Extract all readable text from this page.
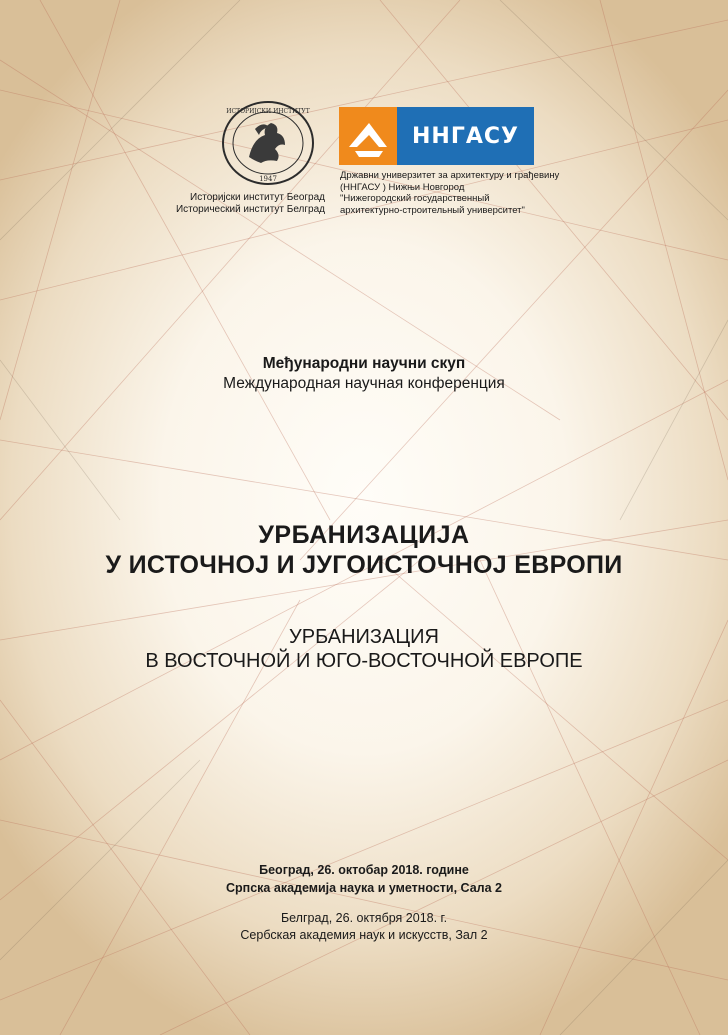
1947
ИСТОРИЈСКИ ИНСТИТУТ
Историјски институт Београд
Исторический институт Белград
ННГАСУ
Државни универзитет за архитектуру и грађевину
(ННГАСУ ) Нижњи Новгород
"Нижегородский государственный
архитектурно-строительный университет"
Међународни научни скуп
Международная научная конференция
УРБАНИЗАЦИЈА
У ИСТОЧНОЈ И ЈУГОИСТОЧНОЈ ЕВРОПИ
УРБАНИЗАЦИЯ
В ВОСТОЧНОЙ И ЮГО-ВОСТОЧНОЙ ЕВРОПЕ
Београд, 26. октобар 2018. године
Српска академија наука и уметности, Сала 2
Белград, 26. октября 2018. г.
Сербская академия наук и искусств, Зал 2
